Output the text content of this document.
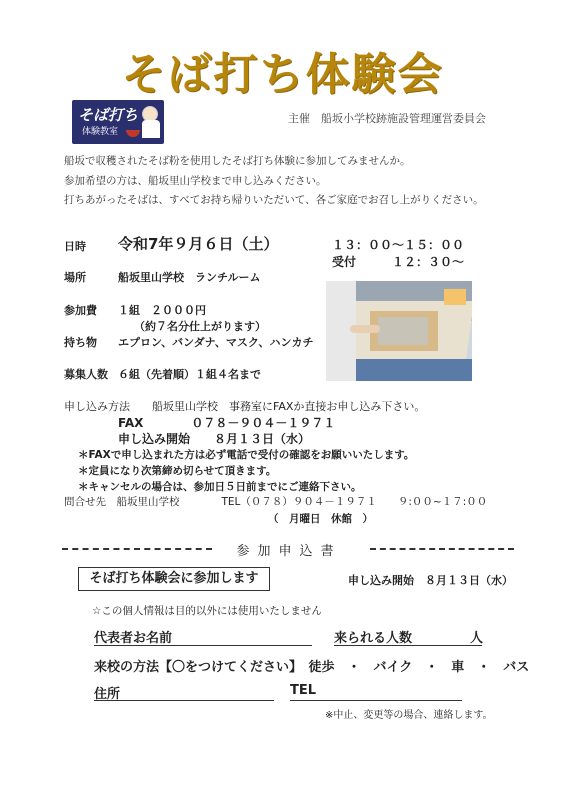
そば打ち体験会
そば打ち
体験教室
主催　船坂小学校跡施設管理運営委員会
船坂で収穫されたそば粉を使用したそば打ち体験に参加してみませんか。
参加希望の方は、船坂里山学校まで申し込みください。
打ちあがったそばは、すべてお持ち帰りいただいて、各ご家庭でお召し上がりください。
日時 令和7年９月６日（土）	１３：００～１５：００
受付　　　１２：３０～
場所	船坂里山学校　ランチルーム
参加費 １組　２０００円
（約７名分仕上がります）
持ち物 エプロン、バンダナ、マスク、ハンカチ
募集人数 ６組（先着順）１組４名まで
申し込み方法　　船坂里山学校　事務室にFAXか直接お申し込み下さい。
FAX　　　　０７８－９０４－１９７１
申し込み開始　　８月１３日（水）
＊FAXで申し込まれた方は必ず電話で受付の確認をお願いいたします。
＊定員になり次第締め切らせて頂きます。
＊キャンセルの場合は、参加日５日前までにご連絡下さい。
問合せ先　船坂里山学校　　　　TEL（０７８）９０４－１９７１　　９:００~１７:００
（　月曜日　休館　）
参加申込書
そば打ち体験会に参加します	申し込み開始　８月１３日（水）
☆この個人情報は目的以外には使用いたしません
代表者お名前	来られる人数	人
来校の方法【〇をつけてください】　徒歩　・　バイク　・　車　・　バス
住所	TEL
※中止、変更等の場合、連絡します。
